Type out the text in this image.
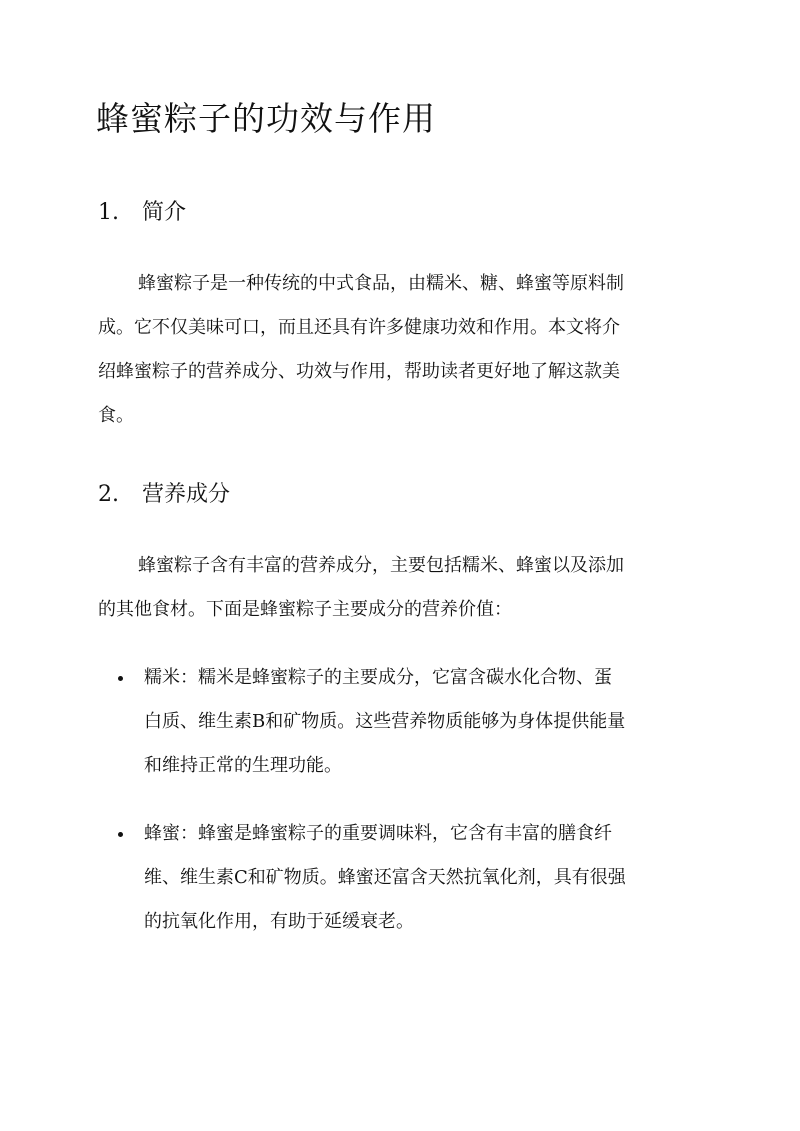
蜂蜜粽子的功效与作用
1. 简介
蜂蜜粽子是一种传统的中式食品，由糯米、糖、蜂蜜等原料制
成。它不仅美味可口，而且还具有许多健康功效和作用。本文将介
绍蜂蜜粽子的营养成分、功效与作用，帮助读者更好地了解这款美
食。
2. 营养成分
蜂蜜粽子含有丰富的营养成分，主要包括糯米、蜂蜜以及添加
的其他食材。下面是蜂蜜粽子主要成分的营养价值：
糯米：糯米是蜂蜜粽子的主要成分，它富含碳水化合物、蛋
白质、维生素B和矿物质。这些营养物质能够为身体提供能量
和维持正常的生理功能。
蜂蜜：蜂蜜是蜂蜜粽子的重要调味料，它含有丰富的膳食纤
维、维生素C和矿物质。蜂蜜还富含天然抗氧化剂，具有很强
的抗氧化作用，有助于延缓衰老。
